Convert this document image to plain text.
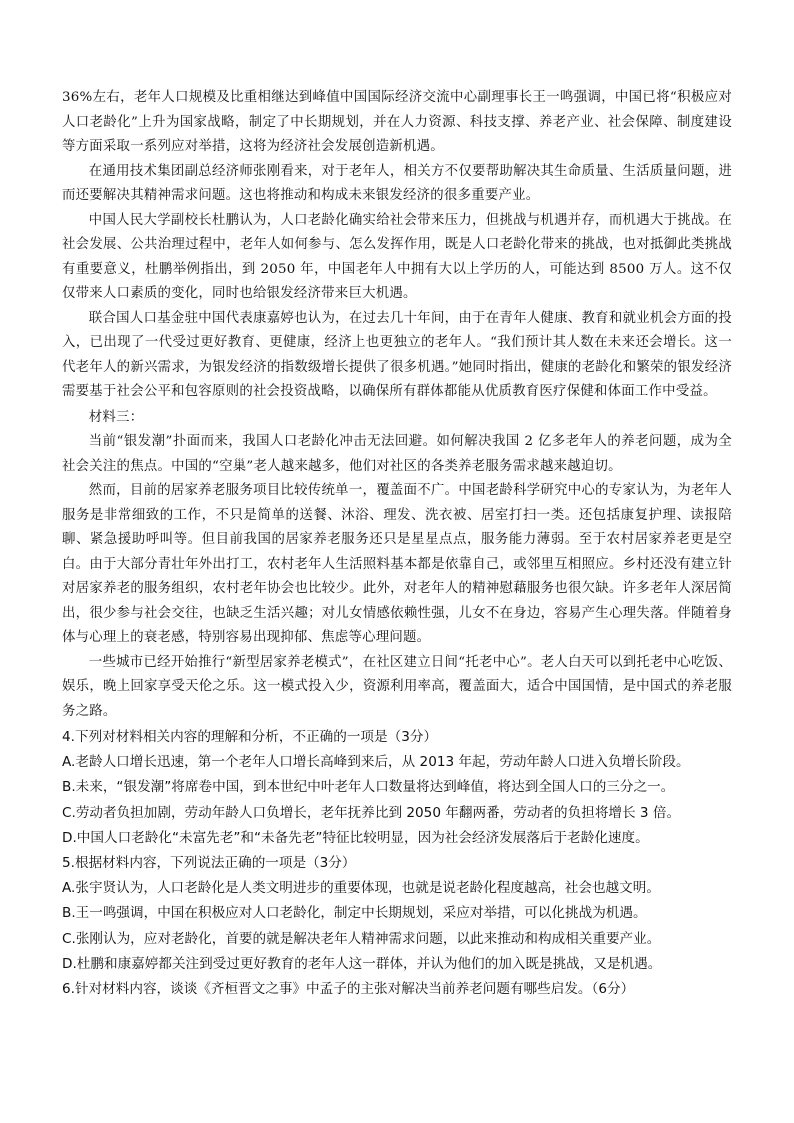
36%左右，老年人口规模及比重相继达到峰值中国国际经济交流中心副理事长王一鸣强调，中国已将“积极应对人口老龄化”上升为国家战略，制定了中长期规划，并在人力资源、科技支撑、养老产业、社会保障、制度建设等方面采取一系列应对举措，这将为经济社会发展创造新机遇。

在通用技术集团副总经济师张刚看来，对于老年人，相关方不仅要帮助解决其生命质量、生活质量问题，进而还要解决其精神需求问题。这也将推动和构成未来银发经济的很多重要产业。

中国人民大学副校长杜鹏认为，人口老龄化确实给社会带来压力，但挑战与机遇并存，而机遇大于挑战。在社会发展、公共治理过程中，老年人如何参与、怎么发挥作用，既是人口老龄化带来的挑战，也对抵御此类挑战有重要意义，杜鹏举例指出，到 2050 年，中国老年人中拥有大以上学历的人，可能达到 8500 万人。这不仅仅带来人口素质的变化，同时也给银发经济带来巨大机遇。

联合国人口基金驻中国代表康嘉婷也认为，在过去几十年间，由于在青年人健康、教育和就业机会方面的投入，已出现了一代受过更好教育、更健康，经济上也更独立的老年人。“我们预计其人数在未来还会增长。这一代老年人的新兴需求，为银发经济的指数级增长提供了很多机遇。”她同时指出，健康的老龄化和繁荣的银发经济需要基于社会公平和包容原则的社会投资战略，以确保所有群体都能从优质教育医疗保健和体面工作中受益。

材料三：

当前“银发潮”扑面而来，我国人口老龄化冲击无法回避。如何解决我国 2 亿多老年人的养老问题，成为全社会关注的焦点。中国的“空巢”老人越来越多，他们对社区的各类养老服务需求越来越迫切。

然而，目前的居家养老服务项目比较传统单一，覆盖面不广。中国老龄科学研究中心的专家认为，为老年人服务是非常细致的工作，不只是简单的送餐、沐浴、理发、洗衣被、居室打扫一类。还包括康复护理、读报陪聊、紧急援助呼叫等。但目前我国的居家养老服务还只是星星点点，服务能力薄弱。至于农村居家养老更是空白。由于大部分青壮年外出打工，农村老年人生活照料基本都是依靠自己，或邻里互相照应。乡村还没有建立针对居家养老的服务组织，农村老年协会也比较少。此外，对老年人的精神慰藉服务也很欠缺。许多老年人深居简出，很少参与社会交往，也缺乏生活兴趣；对儿女情感依赖性强，儿女不在身边，容易产生心理失落。伴随着身体与心理上的衰老感，特别容易出现抑郁、焦虑等心理问题。

一些城市已经开始推行“新型居家养老模式”，在社区建立日间“托老中心”。老人白天可以到托老中心吃饭、娱乐，晚上回家享受天伦之乐。这一模式投入少，资源利用率高，覆盖面大，适合中国国情，是中国式的养老服务之路。

4.下列对材料相关内容的理解和分析，不正确的一项是（3分）
A.老龄人口增长迅速，第一个老年人口增长高峰到来后，从 2013 年起，劳动年龄人口进入负增长阶段。
B.未来，“银发潮”将席卷中国，到本世纪中叶老年人口数量将达到峰值，将达到全国人口的三分之一。
C.劳动者负担加剧，劳动年龄人口负增长，老年抚养比到 2050 年翻两番，劳动者的负担将增长 3 倍。
D.中国人口老龄化“未富先老”和“未备先老”特征比较明显，因为社会经济发展落后于老龄化速度。
5.根据材料内容，下列说法正确的一项是（3分）
A.张宇贤认为，人口老龄化是人类文明进步的重要体现，也就是说老龄化程度越高，社会也越文明。
B.王一鸣强调，中国在积极应对人口老龄化，制定中长期规划，采应对举措，可以化挑战为机遇。
C.张刚认为，应对老龄化，首要的就是解决老年人精神需求问题，以此来推动和构成相关重要产业。
D.杜鹏和康嘉婷都关注到受过更好教育的老年人这一群体，并认为他们的加入既是挑战，又是机遇。
6.针对材料内容，谈谈《齐桓晋文之事》中孟子的主张对解决当前养老问题有哪些启发。（6分）
